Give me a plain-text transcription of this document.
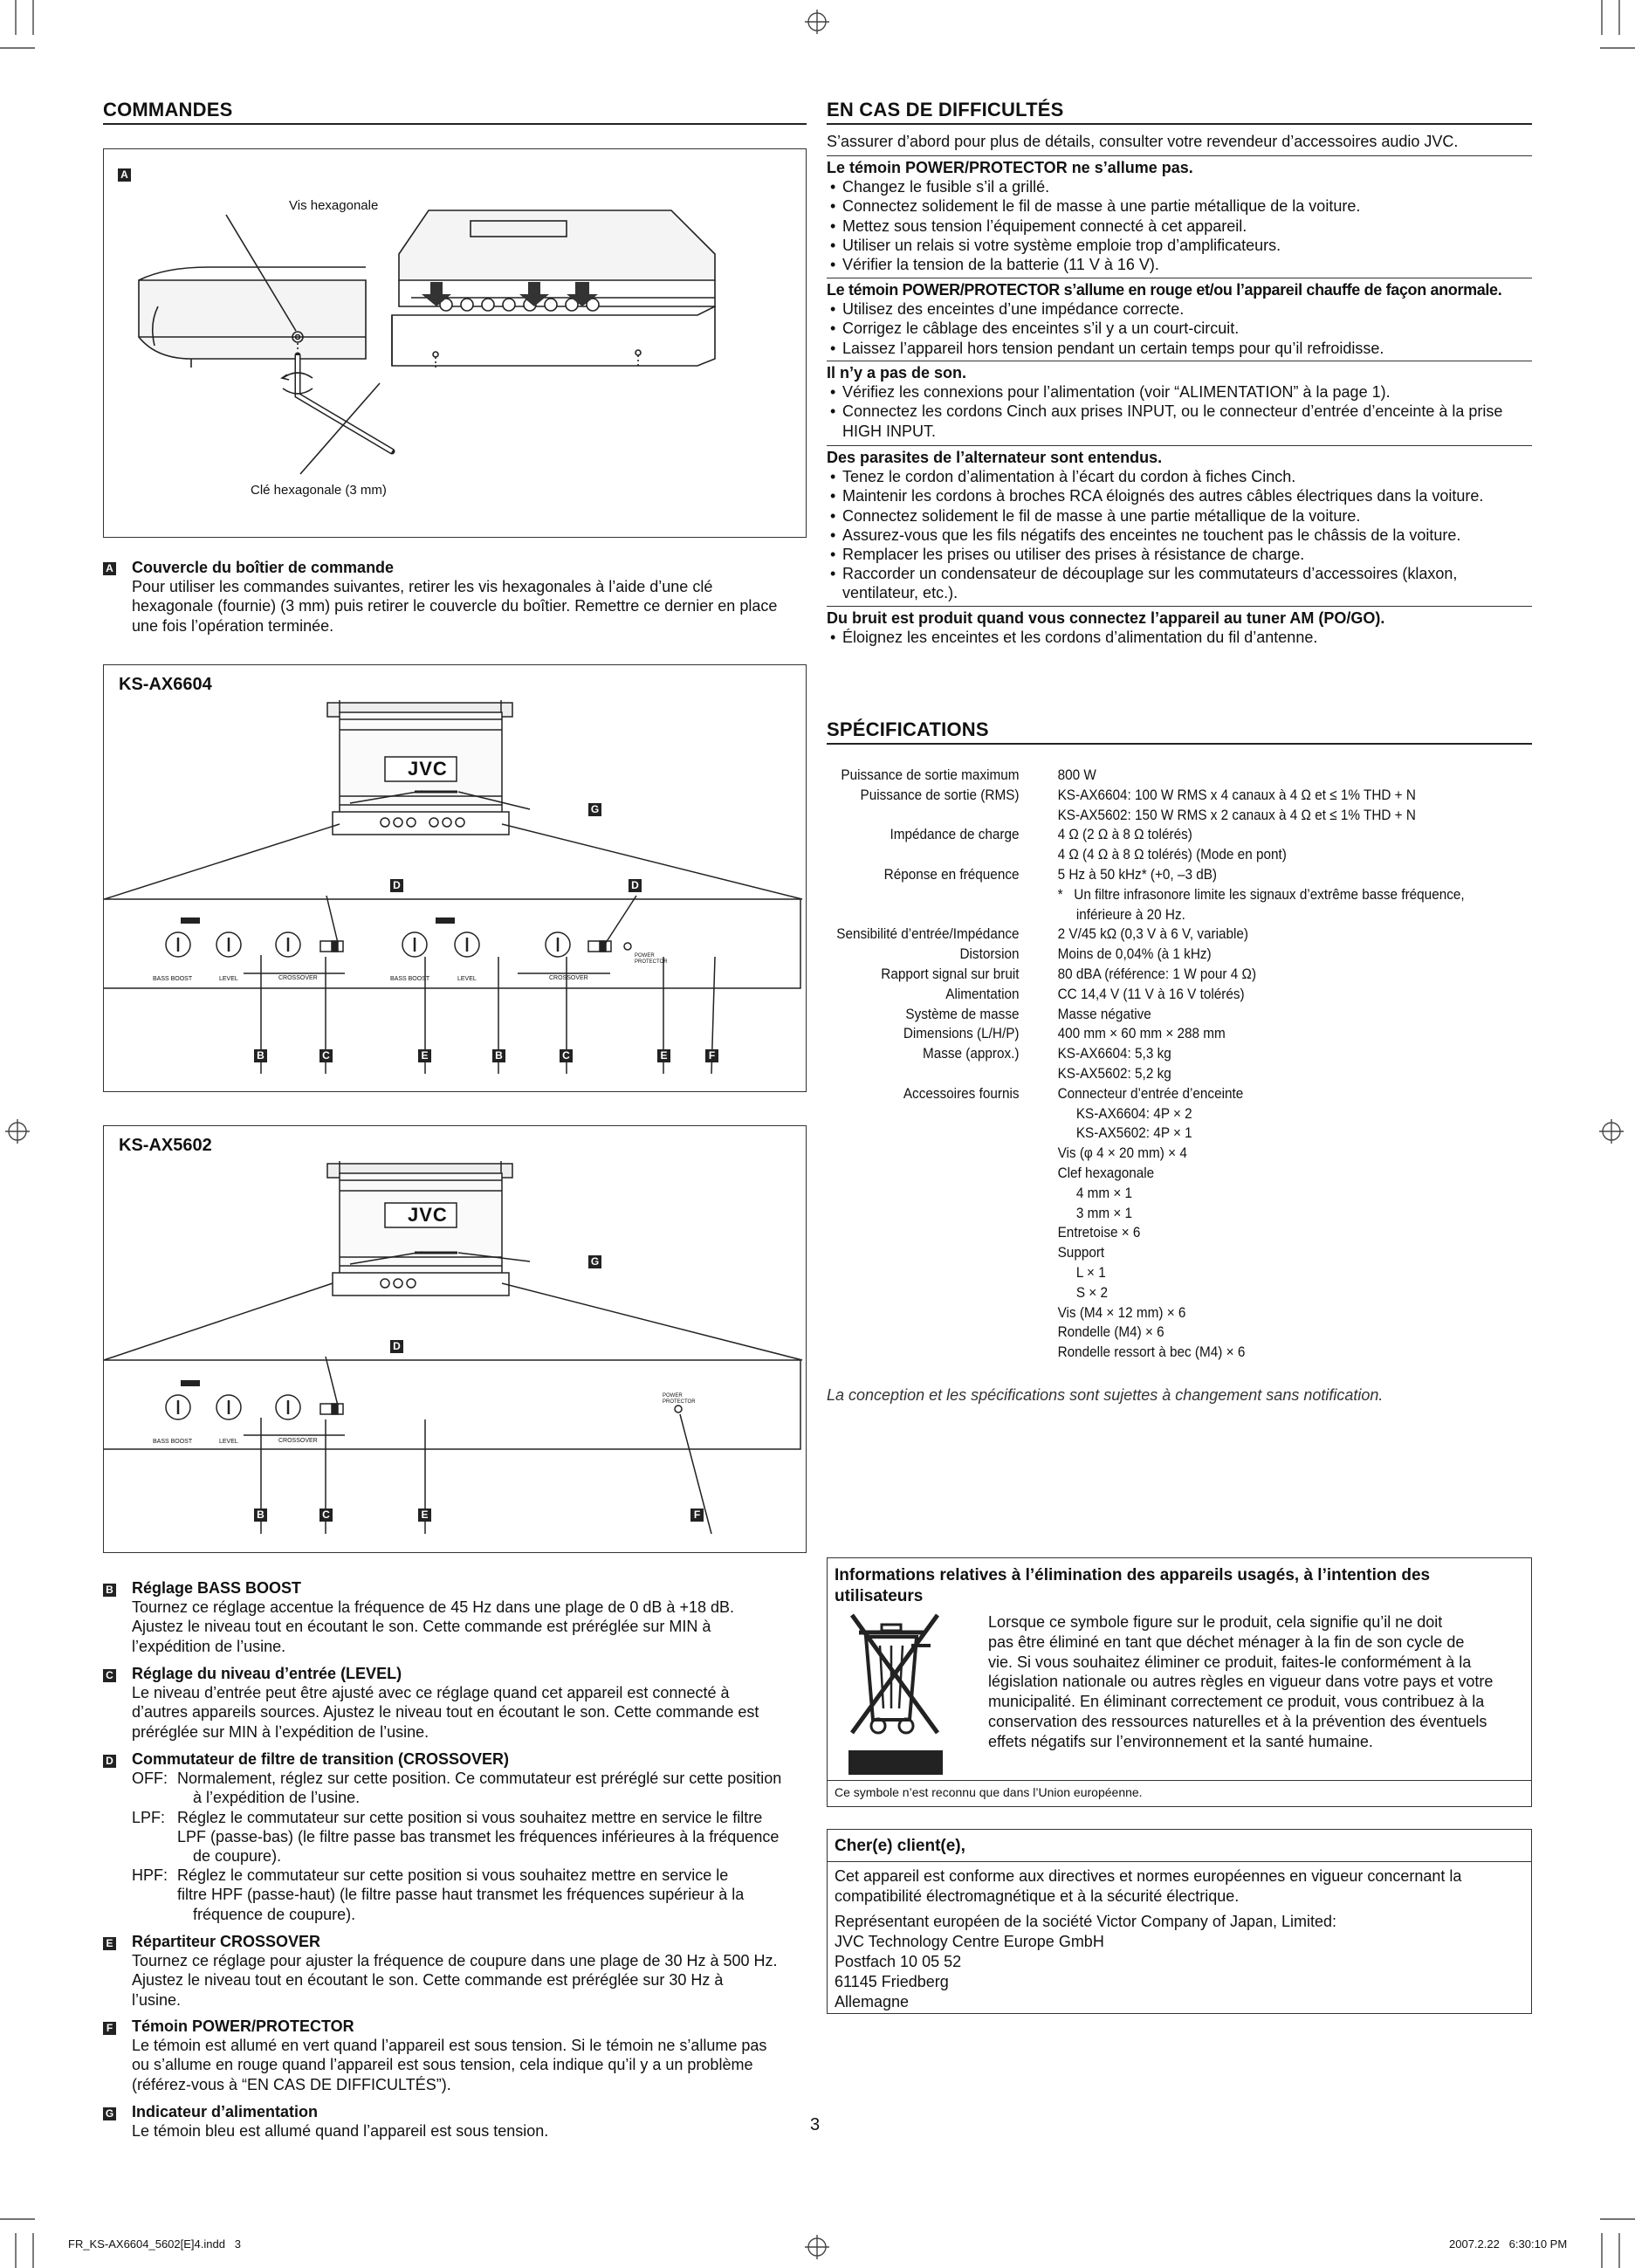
COMMANDES
A
Vis hexagonale
Clé hexagonale (3 mm)
A Couvercle du boîtier de commande
Pour utiliser les commandes suivantes, retirer les vis hexagonales à l’aide d’une clé
hexagonale (fournie) (3 mm) puis retirer le couvercle du boîtier. Remettre ce dernier en place
une fois l’opération terminée.
KS-AX6604
JVC
FRONT	REAR
BASS BOOST	LEVEL	CROSSOVER	BASS BOOST	LEVEL	CROSSOVER
POWER PROTECTOR
G
D	D
B	C	E	B	C	E	F
KS-AX5602
JVC
FRONT
BASS BOOST	LEVEL	CROSSOVER
POWER PROTECTOR
G
D
B	C	E	F
B Réglage BASS BOOST
Tournez ce réglage accentue la fréquence de 45 Hz dans une plage de 0 dB à +18 dB.
Ajustez le niveau tout en écoutant le son. Cette commande est préréglée sur MIN à
l’expédition de l’usine.
C Réglage du niveau d’entrée (LEVEL)
Le niveau d’entrée peut être ajusté avec ce réglage quand cet appareil est connecté à
d’autres appareils sources. Ajustez le niveau tout en écoutant le son. Cette commande est
préréglée sur MIN à l’expédition de l’usine.
D Commutateur de filtre de transition (CROSSOVER)
OFF: Normalement, réglez sur cette position. Ce commutateur est préréglé sur cette position
à l’expédition de l’usine.
LPF: Réglez le commutateur sur cette position si vous souhaitez mettre en service le filtre
LPF (passe-bas) (le filtre passe bas transmet les fréquences inférieures à la fréquence
de coupure).
HPF: Réglez le commutateur sur cette position si vous souhaitez mettre en service le
filtre HPF (passe-haut) (le filtre passe haut transmet les fréquences supérieur à la
fréquence de coupure).
E Répartiteur CROSSOVER
Tournez ce réglage pour ajuster la fréquence de coupure dans une plage de 30 Hz à 500 Hz.
Ajustez le niveau tout en écoutant le son. Cette commande est préréglée sur 30 Hz à
l’usine.
F Témoin POWER/PROTECTOR
Le témoin est allumé en vert quand l’appareil est sous tension. Si le témoin ne s’allume pas
ou s’allume en rouge quand l’appareil est sous tension, cela indique qu’il y a un problème
(référez-vous à “EN CAS DE DIFFICULTÉS”).
G Indicateur d’alimentation
Le témoin bleu est allumé quand l’appareil est sous tension.
EN CAS DE DIFFICULTÉS
S’assurer d’abord pour plus de détails, consulter votre revendeur d’accessoires audio JVC.
Le témoin POWER/PROTECTOR ne s’allume pas.
• Changez le fusible s’il a grillé.
• Connectez solidement le fil de masse à une partie métallique de la voiture.
• Mettez sous tension l’équipement connecté à cet appareil.
• Utiliser un relais si votre système emploie trop d’amplificateurs.
• Vérifier la tension de la batterie (11 V à 16 V).
Le témoin POWER/PROTECTOR s’allume en rouge et/ou l’appareil chauffe de façon anormale.
• Utilisez des enceintes d’une impédance correcte.
• Corrigez le câblage des enceintes s’il y a un court-circuit.
• Laissez l’appareil hors tension pendant un certain temps pour qu’il refroidisse.
Il n’y a pas de son.
• Vérifiez les connexions pour l’alimentation (voir “ALIMENTATION” à la page 1).
• Connectez les cordons Cinch aux prises INPUT, ou le connecteur d’entrée d’enceinte à la prise HIGH INPUT.
Des parasites de l’alternateur sont entendus.
• Tenez le cordon d’alimentation à l’écart du cordon à fiches Cinch.
• Maintenir les cordons à broches RCA éloignés des autres câbles électriques dans la voiture.
• Connectez solidement le fil de masse à une partie métallique de la voiture.
• Assurez-vous que les fils négatifs des enceintes ne touchent pas le châssis de la voiture.
• Remplacer les prises ou utiliser des prises à résistance de charge.
• Raccorder un condensateur de découplage sur les commutateurs d’accessoires (klaxon, ventilateur, etc.).
Du bruit est produit quand vous connectez l’appareil au tuner AM (PO/GO).
• Éloignez les enceintes et les cordons d’alimentation du fil d’antenne.
SPÉCIFICATIONS
Puissance de sortie maximum	800 W
Puissance de sortie (RMS)	KS-AX6604: 100 W RMS x 4 canaux à 4 Ω et ≤ 1% THD + N
KS-AX5602: 150 W RMS x 2 canaux à 4 Ω et ≤ 1% THD + N
Impédance de charge	4 Ω (2 Ω à 8 Ω tolérés)
4 Ω (4 Ω à 8 Ω tolérés) (Mode en pont)
Réponse en fréquence	5 Hz à 50 kHz* (+0, –3 dB)
*   Un filtre infrasonore limite les signaux d’extrême basse fréquence,
inférieure à 20 Hz.
Sensibilité d’entrée/Impédance	2 V/45 kΩ (0,3 V à 6 V, variable)
Distorsion	Moins de 0,04% (à 1 kHz)
Rapport signal sur bruit	80 dBA (référence: 1 W pour 4 Ω)
Alimentation	CC 14,4 V (11 V à 16 V tolérés)
Système de masse	Masse négative
Dimensions (L/H/P)	400 mm × 60 mm × 288 mm
Masse (approx.)	KS-AX6604: 5,3 kg
KS-AX5602: 5,2 kg
Accessoires fournis	Connecteur d’entrée d’enceinte
KS-AX6604: 4P × 2
KS-AX5602: 4P × 1
Vis (φ 4 × 20 mm) × 4
Clef hexagonale
4 mm × 1
3 mm × 1
Entretoise × 6
Support
L × 1
S × 2
Vis (M4 × 12 mm) × 6
Rondelle (M4) × 6
Rondelle ressort à bec (M4) × 6
La conception et les spécifications sont sujettes à changement sans notification.
Informations relatives à l’élimination des appareils usagés, à l’intention des
utilisateurs
Lorsque ce symbole figure sur le produit, cela signifie qu’il ne doit
pas être éliminé en tant que déchet ménager à la fin de son cycle de
vie. Si vous souhaitez éliminer ce produit, faites-le conformément à la
législation nationale ou autres règles en vigueur dans votre pays et votre
municipalité. En éliminant correctement ce produit, vous contribuez à la
conservation des ressources naturelles et à la prévention des éventuels
effets négatifs sur l’environnement et la santé humaine.
Ce symbole n’est reconnu que dans l’Union européenne.
Cher(e) client(e),
Cet appareil est conforme aux directives et normes européennes en vigueur concernant la
compatibilité électromagnétique et à la sécurité électrique.
Représentant européen de la société Victor Company of Japan, Limited:
JVC Technology Centre Europe GmbH
Postfach 10 05 52
61145 Friedberg
Allemagne
3
FR_KS-AX6604_5602[E]4.indd   3	2007.2.22   6:30:10 PM
